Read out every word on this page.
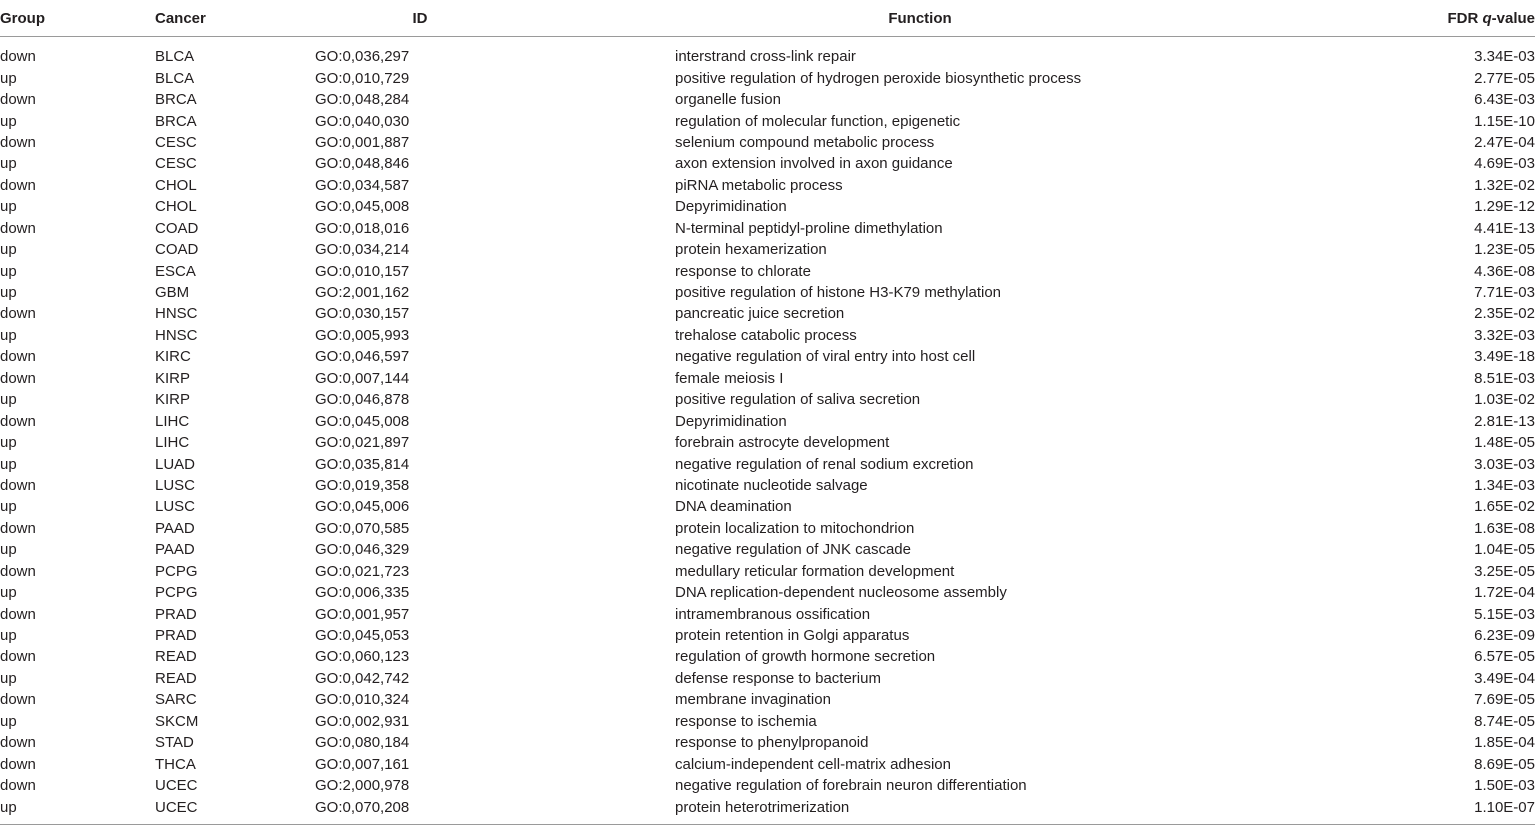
Group	Cancer	ID	Function	FDR q-value
down	BLCA	GO:0,036,297	interstrand cross-link repair	3.34E-03
up	BLCA	GO:0,010,729	positive regulation of hydrogen peroxide biosynthetic process	2.77E-05
down	BRCA	GO:0,048,284	organelle fusion	6.43E-03
up	BRCA	GO:0,040,030	regulation of molecular function, epigenetic	1.15E-10
down	CESC	GO:0,001,887	selenium compound metabolic process	2.47E-04
up	CESC	GO:0,048,846	axon extension involved in axon guidance	4.69E-03
down	CHOL	GO:0,034,587	piRNA metabolic process	1.32E-02
up	CHOL	GO:0,045,008	Depyrimidination	1.29E-12
down	COAD	GO:0,018,016	N-terminal peptidyl-proline dimethylation	4.41E-13
up	COAD	GO:0,034,214	protein hexamerization	1.23E-05
up	ESCA	GO:0,010,157	response to chlorate	4.36E-08
up	GBM	GO:2,001,162	positive regulation of histone H3-K79 methylation	7.71E-03
down	HNSC	GO:0,030,157	pancreatic juice secretion	2.35E-02
up	HNSC	GO:0,005,993	trehalose catabolic process	3.32E-03
down	KIRC	GO:0,046,597	negative regulation of viral entry into host cell	3.49E-18
down	KIRP	GO:0,007,144	female meiosis I	8.51E-03
up	KIRP	GO:0,046,878	positive regulation of saliva secretion	1.03E-02
down	LIHC	GO:0,045,008	Depyrimidination	2.81E-13
up	LIHC	GO:0,021,897	forebrain astrocyte development	1.48E-05
up	LUAD	GO:0,035,814	negative regulation of renal sodium excretion	3.03E-03
down	LUSC	GO:0,019,358	nicotinate nucleotide salvage	1.34E-03
up	LUSC	GO:0,045,006	DNA deamination	1.65E-02
down	PAAD	GO:0,070,585	protein localization to mitochondrion	1.63E-08
up	PAAD	GO:0,046,329	negative regulation of JNK cascade	1.04E-05
down	PCPG	GO:0,021,723	medullary reticular formation development	3.25E-05
up	PCPG	GO:0,006,335	DNA replication-dependent nucleosome assembly	1.72E-04
down	PRAD	GO:0,001,957	intramembranous ossification	5.15E-03
up	PRAD	GO:0,045,053	protein retention in Golgi apparatus	6.23E-09
down	READ	GO:0,060,123	regulation of growth hormone secretion	6.57E-05
up	READ	GO:0,042,742	defense response to bacterium	3.49E-04
down	SARC	GO:0,010,324	membrane invagination	7.69E-05
up	SKCM	GO:0,002,931	response to ischemia	8.74E-05
down	STAD	GO:0,080,184	response to phenylpropanoid	1.85E-04
down	THCA	GO:0,007,161	calcium-independent cell-matrix adhesion	8.69E-05
down	UCEC	GO:2,000,978	negative regulation of forebrain neuron differentiation	1.50E-03
up	UCEC	GO:0,070,208	protein heterotrimerization	1.10E-07
